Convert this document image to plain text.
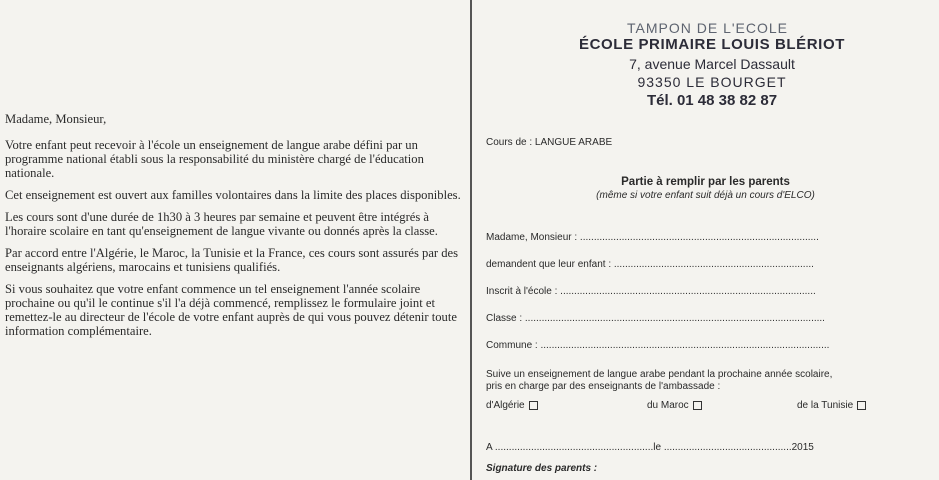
Madame, Monsieur,

Votre enfant peut recevoir à l'école un enseignement de langue arabe défini par un programme national établi sous la responsabilité du ministère chargé de l'éducation nationale.

Cet enseignement est ouvert aux familles volontaires dans la limite des places disponibles.

Les cours sont d'une durée de 1h30 à 3 heures par semaine et peuvent être intégrés à l'horaire scolaire en tant qu'enseignement de langue vivante ou donnés après la classe.

Par accord entre l'Algérie, le Maroc, la Tunisie et la France, ces cours sont assurés par des enseignants algériens, marocains et tunisiens qualifiés.

Si vous souhaitez que votre enfant commence un tel enseignement l'année scolaire prochaine ou qu'il le continue s'il l'a déjà commencé, remplissez le formulaire joint et remettez-le au directeur de l'école de votre enfant auprès de qui vous pouvez détenir toute information complémentaire.

TAMPON DE L'ECOLE
ÉCOLE PRIMAIRE LOUIS BLÉRIOT
7, avenue Marcel Dassault
93350 LE BOURGET
Tél. 01 48 38 82 87
Cours de : LANGUE ARABE
Partie à remplir par les parents
(même si votre enfant suit déjà un cours d'ELCO)
Madame, Monsieur : ......................................................................................
demandent que leur enfant : ........................................................................
Inscrit à l'école : ............................................................................................
Classe : ............................................................................................................
Commune : ........................................................................................................
Suive un enseignement de langue arabe pendant la prochaine année scolaire,
pris en charge par des enseignants de l'ambassade :
d'Algérie	du Maroc	de la Tunisie
A .........................................................le ..............................................2015
Signature des parents :
